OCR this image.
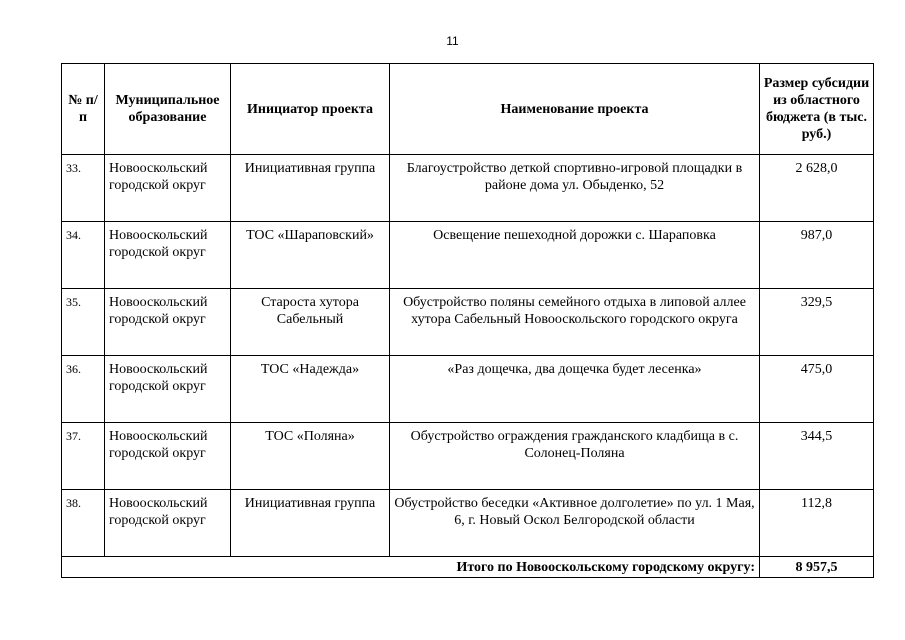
11
№ п/п	Муниципальное образование	Инициатор проекта	Наименование проекта	Размер субсидии из областного бюджета (в тыс. руб.)
33.	Новооскольский городской округ	Инициативная группа	Благоустройство деткой спортивно-игровой площадки в районе дома ул. Обыденко, 52	2 628,0
34.	Новооскольский городской округ	ТОС «Шараповский»	Освещение пешеходной дорожки с. Шараповка	987,0
35.	Новооскольский городской округ	Староста хутора Сабельный	Обустройство поляны семейного отдыха в липовой аллее хутора Сабельный Новооскольского городского округа	329,5
36.	Новооскольский городской округ	ТОС «Надежда»	«Раз дощечка, два дощечка будет лесенка»	475,0
37.	Новооскольский городской округ	ТОС «Поляна»	Обустройство ограждения гражданского кладбища в с. Солонец-Поляна	344,5
38.	Новооскольский городской округ	Инициативная группа	Обустройство беседки «Активное долголетие» по ул. 1 Мая, 6, г. Новый Оскол Белгородской области	112,8
Итого по Новооскольскому городскому округу:				8 957,5
